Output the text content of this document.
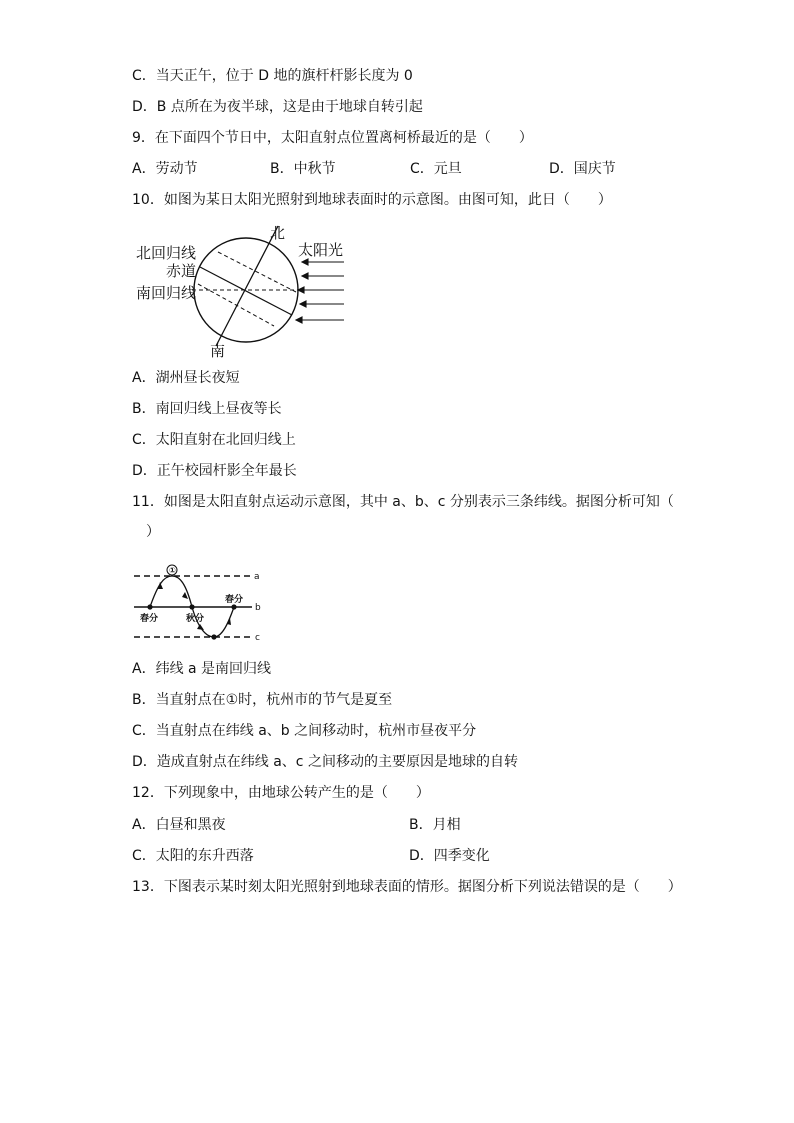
C．当天正午，位于 D 地的旗杆杆影长度为 0
D．B 点所在为夜半球，这是由于地球自转引起
9．在下面四个节日中，太阳直射点位置离柯桥最近的是（　　）
A．劳动节	B．中秋节	C．元旦	D．国庆节
10．如图为某日太阳光照射到地球表面时的示意图。由图可知，此日（　　）
北
南
北回归线
赤道
南回归线
太阳光
A．湖州昼长夜短
B．南回归线上昼夜等长
C．太阳直射在北回归线上
D．正午校园杆影全年最长
11．如图是太阳直射点运动示意图，其中 a、b、c 分别表示三条纬线。据图分析可知（
）
①
a
b
c
春分	秋分
春分
A．纬线 a 是南回归线
B．当直射点在①时，杭州市的节气是夏至
C．当直射点在纬线 a、b 之间移动时，杭州市昼夜平分
D．造成直射点在纬线 a、c 之间移动的主要原因是地球的自转
12．下列现象中，由地球公转产生的是（　　）
A．白昼和黑夜	B．月相
C．太阳的东升西落	D．四季变化
13．下图表示某时刻太阳光照射到地球表面的情形。据图分析下列说法错误的是（　　）
